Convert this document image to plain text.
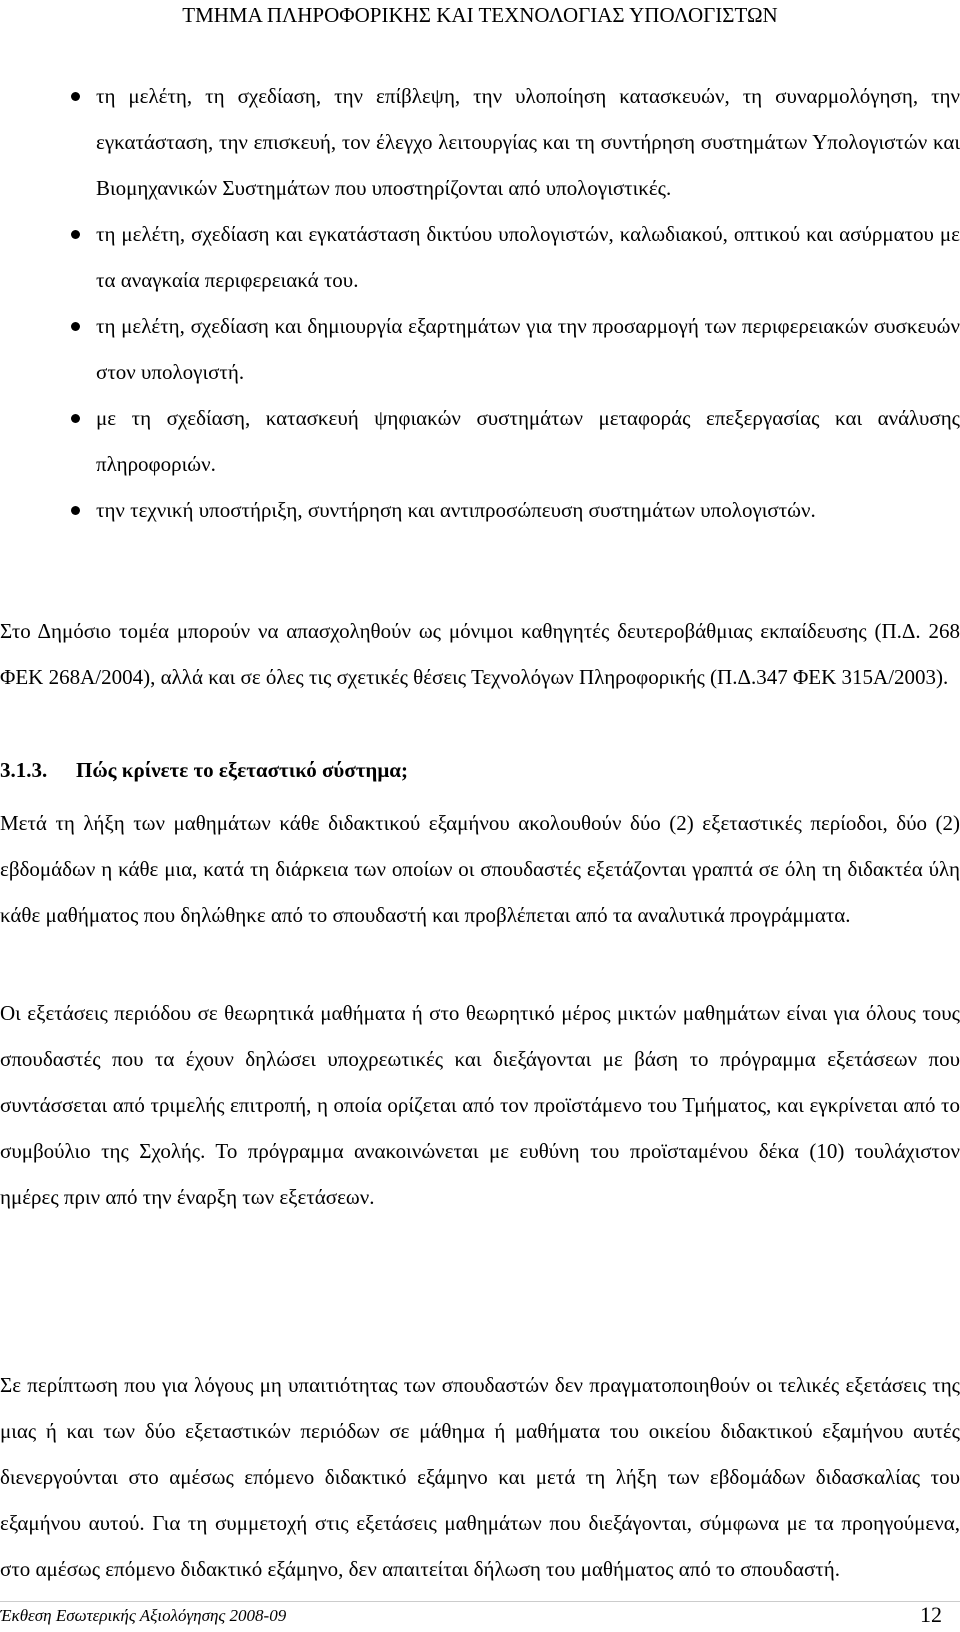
ΤΜΗΜΑ ΠΛΗΡΟΦΟΡΙΚΗΣ ΚΑΙ ΤΕΧΝΟΛΟΓΙΑΣ ΥΠΟΛΟΓΙΣΤΩΝ
τη μελέτη, τη σχεδίαση, την επίβλεψη, την υλοποίηση κατασκευών, τη συναρμολόγηση, την εγκατάσταση, την επισκευή, τον έλεγχο λειτουργίας και τη συντήρηση συστημάτων Υπολογιστών και Βιομηχανικών Συστημάτων που υποστηρίζονται από υπολογιστικές.
τη μελέτη, σχεδίαση και εγκατάσταση δικτύου υπολογιστών, καλωδιακού, οπτικού και ασύρματου με τα αναγκαία περιφερειακά του.
τη μελέτη, σχεδίαση και δημιουργία εξαρτημάτων για την προσαρμογή των περιφερειακών συσκευών στον υπολογιστή.
με τη σχεδίαση, κατασκευή ψηφιακών συστημάτων μεταφοράς επεξεργασίας και ανάλυσης πληροφοριών.
την τεχνική υποστήριξη, συντήρηση και αντιπροσώπευση συστημάτων υπολογιστών.

Στο Δημόσιο τομέα μπορούν να απασχοληθούν ως μόνιμοι καθηγητές δευτεροβάθμιας εκπαίδευσης (Π.Δ. 268 ΦΕΚ 268Α/2004), αλλά και σε όλες τις σχετικές θέσεις Τεχνολόγων Πληροφορικής (Π.Δ.347 ΦΕΚ 315Α/2003).

3.1.3. Πώς κρίνετε το εξεταστικό σύστημα;

Μετά τη λήξη των μαθημάτων κάθε διδακτικού εξαμήνου ακολουθούν δύο (2) εξεταστικές περίοδοι, δύο (2) εβδομάδων η κάθε μια, κατά τη διάρκεια των οποίων οι σπουδαστές εξετάζονται γραπτά σε όλη τη διδακτέα ύλη κάθε μαθήματος που δηλώθηκε από το σπουδαστή και προβλέπεται από τα αναλυτικά προγράμματα.

Οι εξετάσεις περιόδου σε θεωρητικά μαθήματα ή στο θεωρητικό μέρος μικτών μαθημάτων είναι για όλους τους σπουδαστές που τα έχουν δηλώσει υποχρεωτικές και διεξάγονται με βάση το πρόγραμμα εξετάσεων που συντάσσεται από τριμελής επιτροπή, η οποία ορίζεται από τον προϊστάμενο του Τμήματος, και εγκρίνεται από το συμβούλιο της Σχολής. Το πρόγραμμα ανακοινώνεται με ευθύνη του προϊσταμένου δέκα (10) τουλάχιστον ημέρες πριν από την έναρξη των εξετάσεων.

Σε περίπτωση που για λόγους μη υπαιτιότητας των σπουδαστών δεν πραγματοποιηθούν οι τελικές εξετάσεις της μιας ή και των δύο εξεταστικών περιόδων σε μάθημα ή μαθήματα του οικείου διδακτικού εξαμήνου αυτές διενεργούνται στο αμέσως επόμενο διδακτικό εξάμηνο και μετά τη λήξη των εβδομάδων διδασκαλίας του εξαμήνου αυτού. Για τη συμμετοχή στις εξετάσεις μαθημάτων που διεξάγονται, σύμφωνα με τα προηγούμενα, στο αμέσως επόμενο διδακτικό εξάμηνο, δεν απαιτείται δήλωση του μαθήματος από το σπουδαστή.

Έκθεση Εσωτερικής Αξιολόγησης 2008-09	12
